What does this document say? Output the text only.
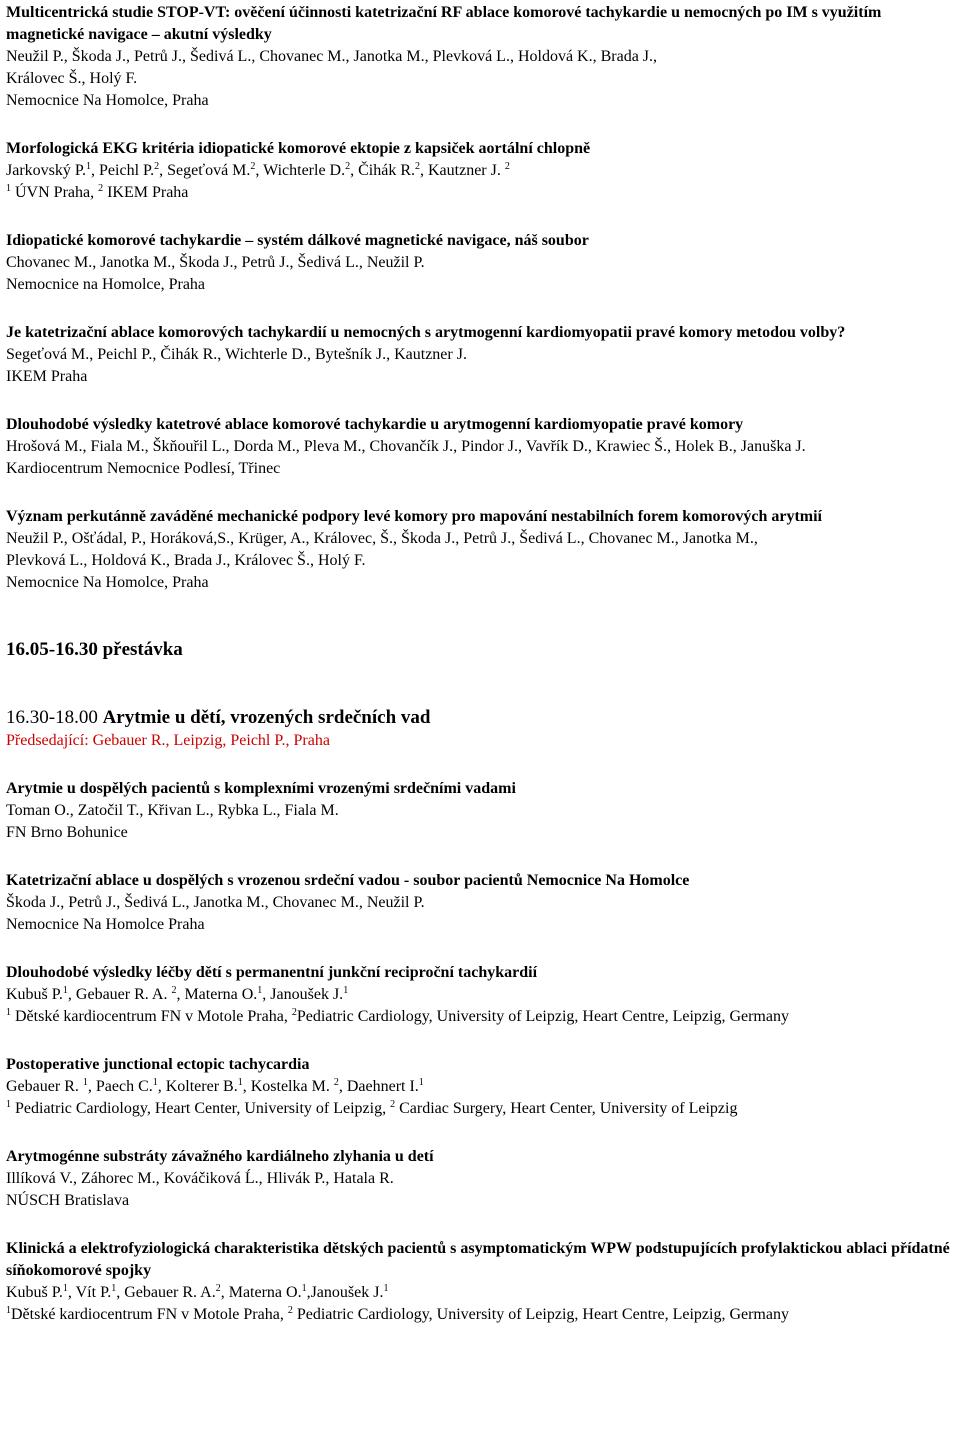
Multicentrická studie STOP-VT: ověčení účinnosti katetrizační RF ablace komorové tachykardie u nemocných po IM s využitím magnetické navigace – akutní výsledky
Neužil P., Škoda J., Petrů J., Šedivá L., Chovanec M., Janotka M., Plevková L., Holdová K., Brada J.,
Královec Š., Holý F.
Nemocnice Na Homolce, Praha
Morfologická EKG kritéria idiopatické komorové ektopie z kapsiček aortální chlopně
Jarkovský P.$^1$, Peichl P.$^2$, Segeťová M.$^2$, Wichterle D.$^2$, Čihák R.$^2$, Kautzner J. $^2$
$^1$ ÚVN Praha, $^2$ IKEM Praha
Idiopatické komorové tachykardie – systém dálkové magnetické navigace, náš soubor
Chovanec M., Janotka M., Škoda J., Petrů J., Šedivá L., Neužil P.
Nemocnice na Homolce, Praha
Je katetrizační ablace komorových tachykardií u nemocných s arytmogenní kardiomyopatii pravé komory metodou volby?
Segeťová M., Peichl P., Čihák R., Wichterle D., Bytešník J., Kautzner J.
IKEM Praha
Dlouhodobé výsledky katetrové ablace komorové tachykardie u arytmogenní kardiomyopatie pravé komory
Hrošová M., Fiala M., Škňouřil L., Dorda M., Pleva M., Chovančík J., Pindor J., Vavřík D., Krawiec Š., Holek B., Januška J.
Kardiocentrum Nemocnice Podlesí, Třinec
Význam perkutánně zaváděné mechanické podpory levé komory pro mapování nestabilních forem komorových arytmií
Neužil P., Ošťádal, P., Horáková,S., Krüger, A., Královec, Š., Škoda J., Petrů J., Šedivá L., Chovanec M., Janotka M.,
Plevková L., Holdová K., Brada J., Královec Š., Holý F.
Nemocnice Na Homolce, Praha
16.05-16.30 přestávka
16.30-18.00 Arytmie u dětí, vrozených srdečních vad
Předsedající: Gebauer R., Leipzig, Peichl P., Praha
Arytmie u dospělých pacientů s komplexními vrozenými srdečními vadami
Toman O., Zatočil T., Křivan L., Rybka L., Fiala M.
FN Brno Bohunice
Katetrizační ablace u dospělých s vrozenou srdeční vadou - soubor pacientů Nemocnice Na Homolce
Škoda J., Petrů J., Šedivá L., Janotka M., Chovanec M., Neužil P.
Nemocnice Na Homolce Praha
Dlouhodobé výsledky léčby dětí s permanentní junkční reciproční tachykardií
Kubuš P.$^1$, Gebauer R. A. $^2$, Materna O.$^1$, Janoušek J.$^1$
$^1$ Dětské kardiocentrum FN v Motole Praha, $^2$Pediatric Cardiology, University of Leipzig, Heart Centre, Leipzig, Germany
Postoperative junctional ectopic tachycardia
Gebauer R. $^1$, Paech C.$^1$, Kolterer B.$^1$, Kostelka M. $^2$, Daehnert I.$^1$
$^1$ Pediatric Cardiology, Heart Center, University of Leipzig, $^2$ Cardiac Surgery, Heart Center, University of Leipzig
Arytmogénne substráty závažného kardiálneho zlyhania u detí
Illíková V., Záhorec M., Kováčiková Ĺ., Hlivák P., Hatala R.
NÚSCH Bratislava
Klinická a elektrofyziologická charakteristika dětských pacientů s asymptomatickým WPW podstupujících profylaktickou ablaci přídatné síňokomorové spojky
Kubuš P.$^1$, Vít P.$^1$, Gebauer R. A.$^2$, Materna O.$^1$,Janoušek J.$^1$
$^1$Dětské kardiocentrum FN v Motole Praha, $^2$ Pediatric Cardiology, University of Leipzig, Heart Centre, Leipzig, Germany
